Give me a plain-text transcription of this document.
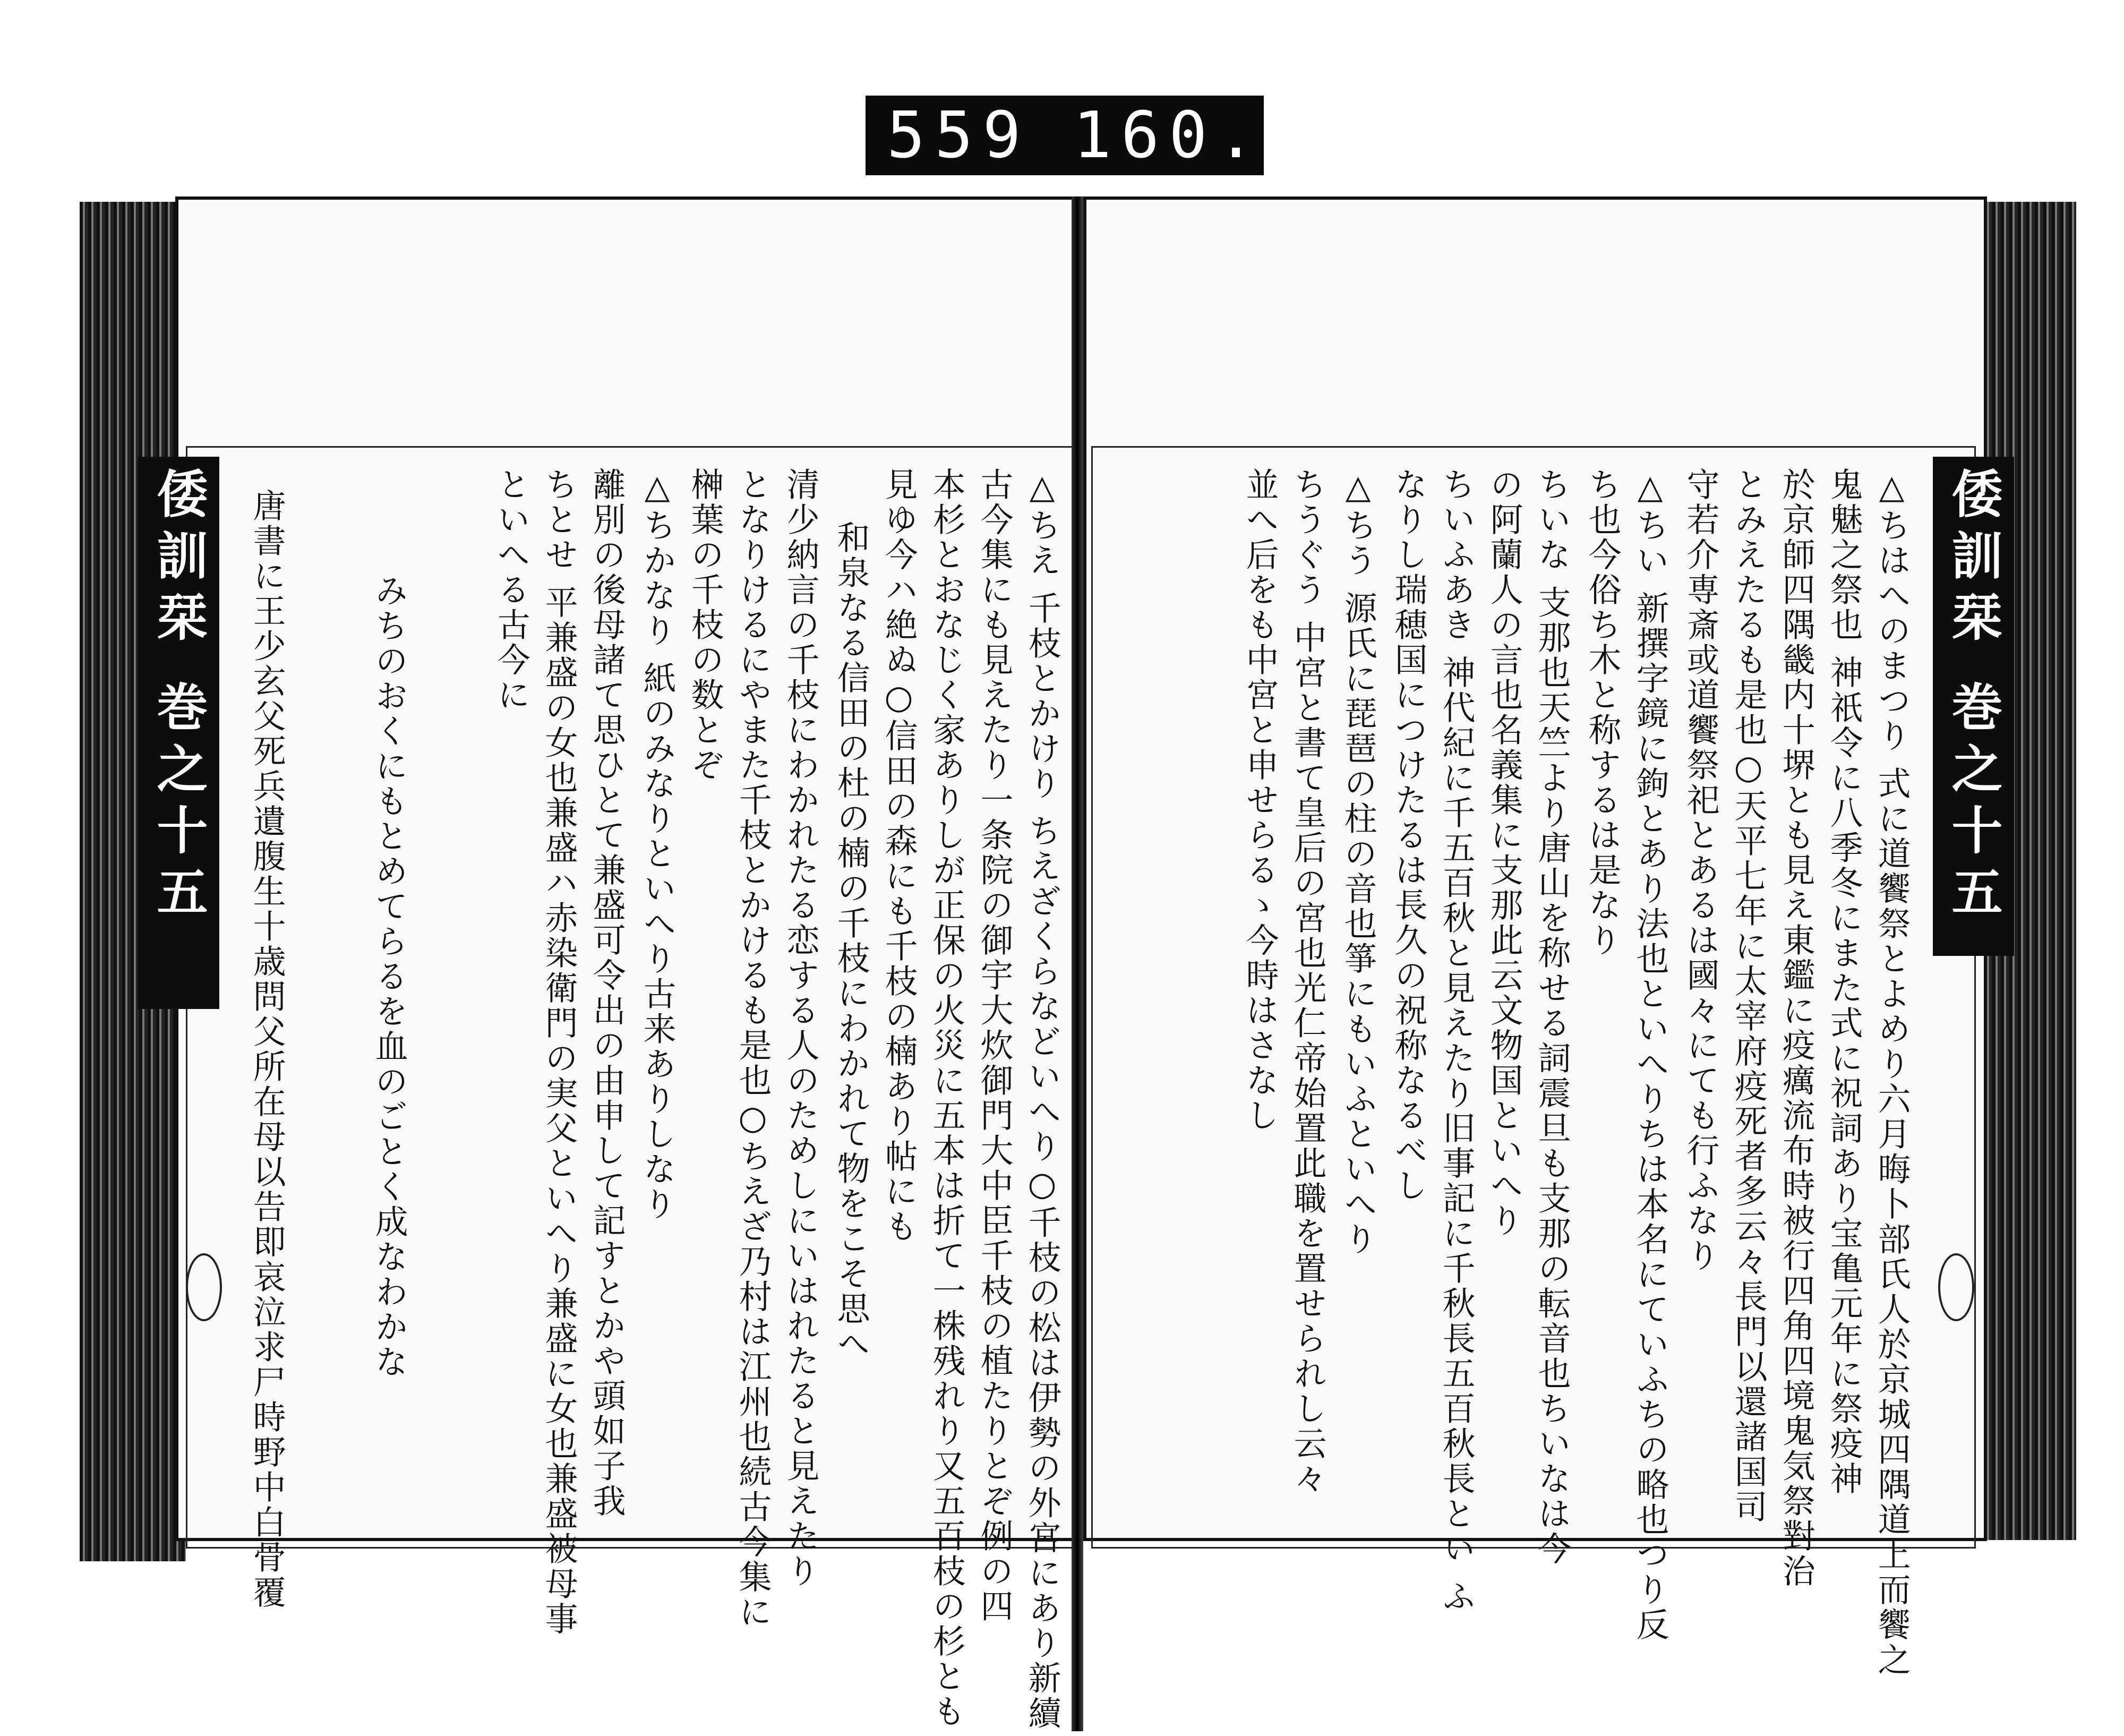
559 160.
倭訓栞 巻之十五
倭訓栞 巻之十五	△ちはへのまつり 式に道饗祭とよめり六月晦卜部氏人於京城四隅道上而饗之
鬼魅之祭也 神祇令に八季冬にまた式に祝詞あり宝亀元年に祭疫神
於京師四隅畿内十堺とも見え東鑑に疫癘流布時被行四角四境鬼気祭對治
とみえたるも是也○天平七年に太宰府疫死者多云々長門以還諸国司
守若介専斎或道饗祭祀とあるは國々にても行ふなり
△ちい 新撰字鏡に鉤とあり法也といへりちは本名にていふちの略也つり反
ち也今俗ち木と称するは是なり
ちいな 支那也天竺より唐山を称せる詞震旦も支那の転音也ちいなは今
の阿蘭人の言也名義集に支那此云文物国といへり
ちいふあき 神代紀に千五百秋と見えたり旧事記に千秋長五百秋長とい ふ
なりし瑞穂国につけたるは長久の祝称なるべし
△ちう 源氏に琵琶の柱の音也箏にもいふといへり
ちうぐう 中宮と書て皇后の宮也光仁帝始置此職を置せられし云々
並へ后をも中宮と申せらるゝ今時はさなし
△ちえ 千枝とかけり ちえざくらなどいへり○千枝の松は伊勢の外宮にあり新續
古今集にも見えたり一条院の御宇大炊御門大中臣千枝の植たりとぞ例の四
本杉とおなじく家ありしが正保の火災に五本は折て一株残れり又五百枝の杉とも
見ゆ今ハ絶ぬ○信田の森にも千枝の楠あり帖にも
和泉なる信田の杜の楠の千枝にわかれて物をこそ思へ
清少納言の千枝にわかれたる恋する人のためしにいはれたると見えたり
となりけるにやまた千枝とかけるも是也○ちえざ乃村は江州也続古今集に
榊葉の千枝の数とぞ
△ちかなり 紙のみなりといへり古来ありしなり
離別の後母諸て思ひとて兼盛可令出の由申して記すとかや頭如子我
ちとせ 平兼盛の女也兼盛ハ赤染衛門の実父といへり兼盛に女也兼盛被母事
といへる古今に
みちのおくにもとめてらるを血のごとく成なわかな
唐書に王少玄父死兵遺腹生十歳問父所在母以告即哀泣求尸時野中白骨覆
